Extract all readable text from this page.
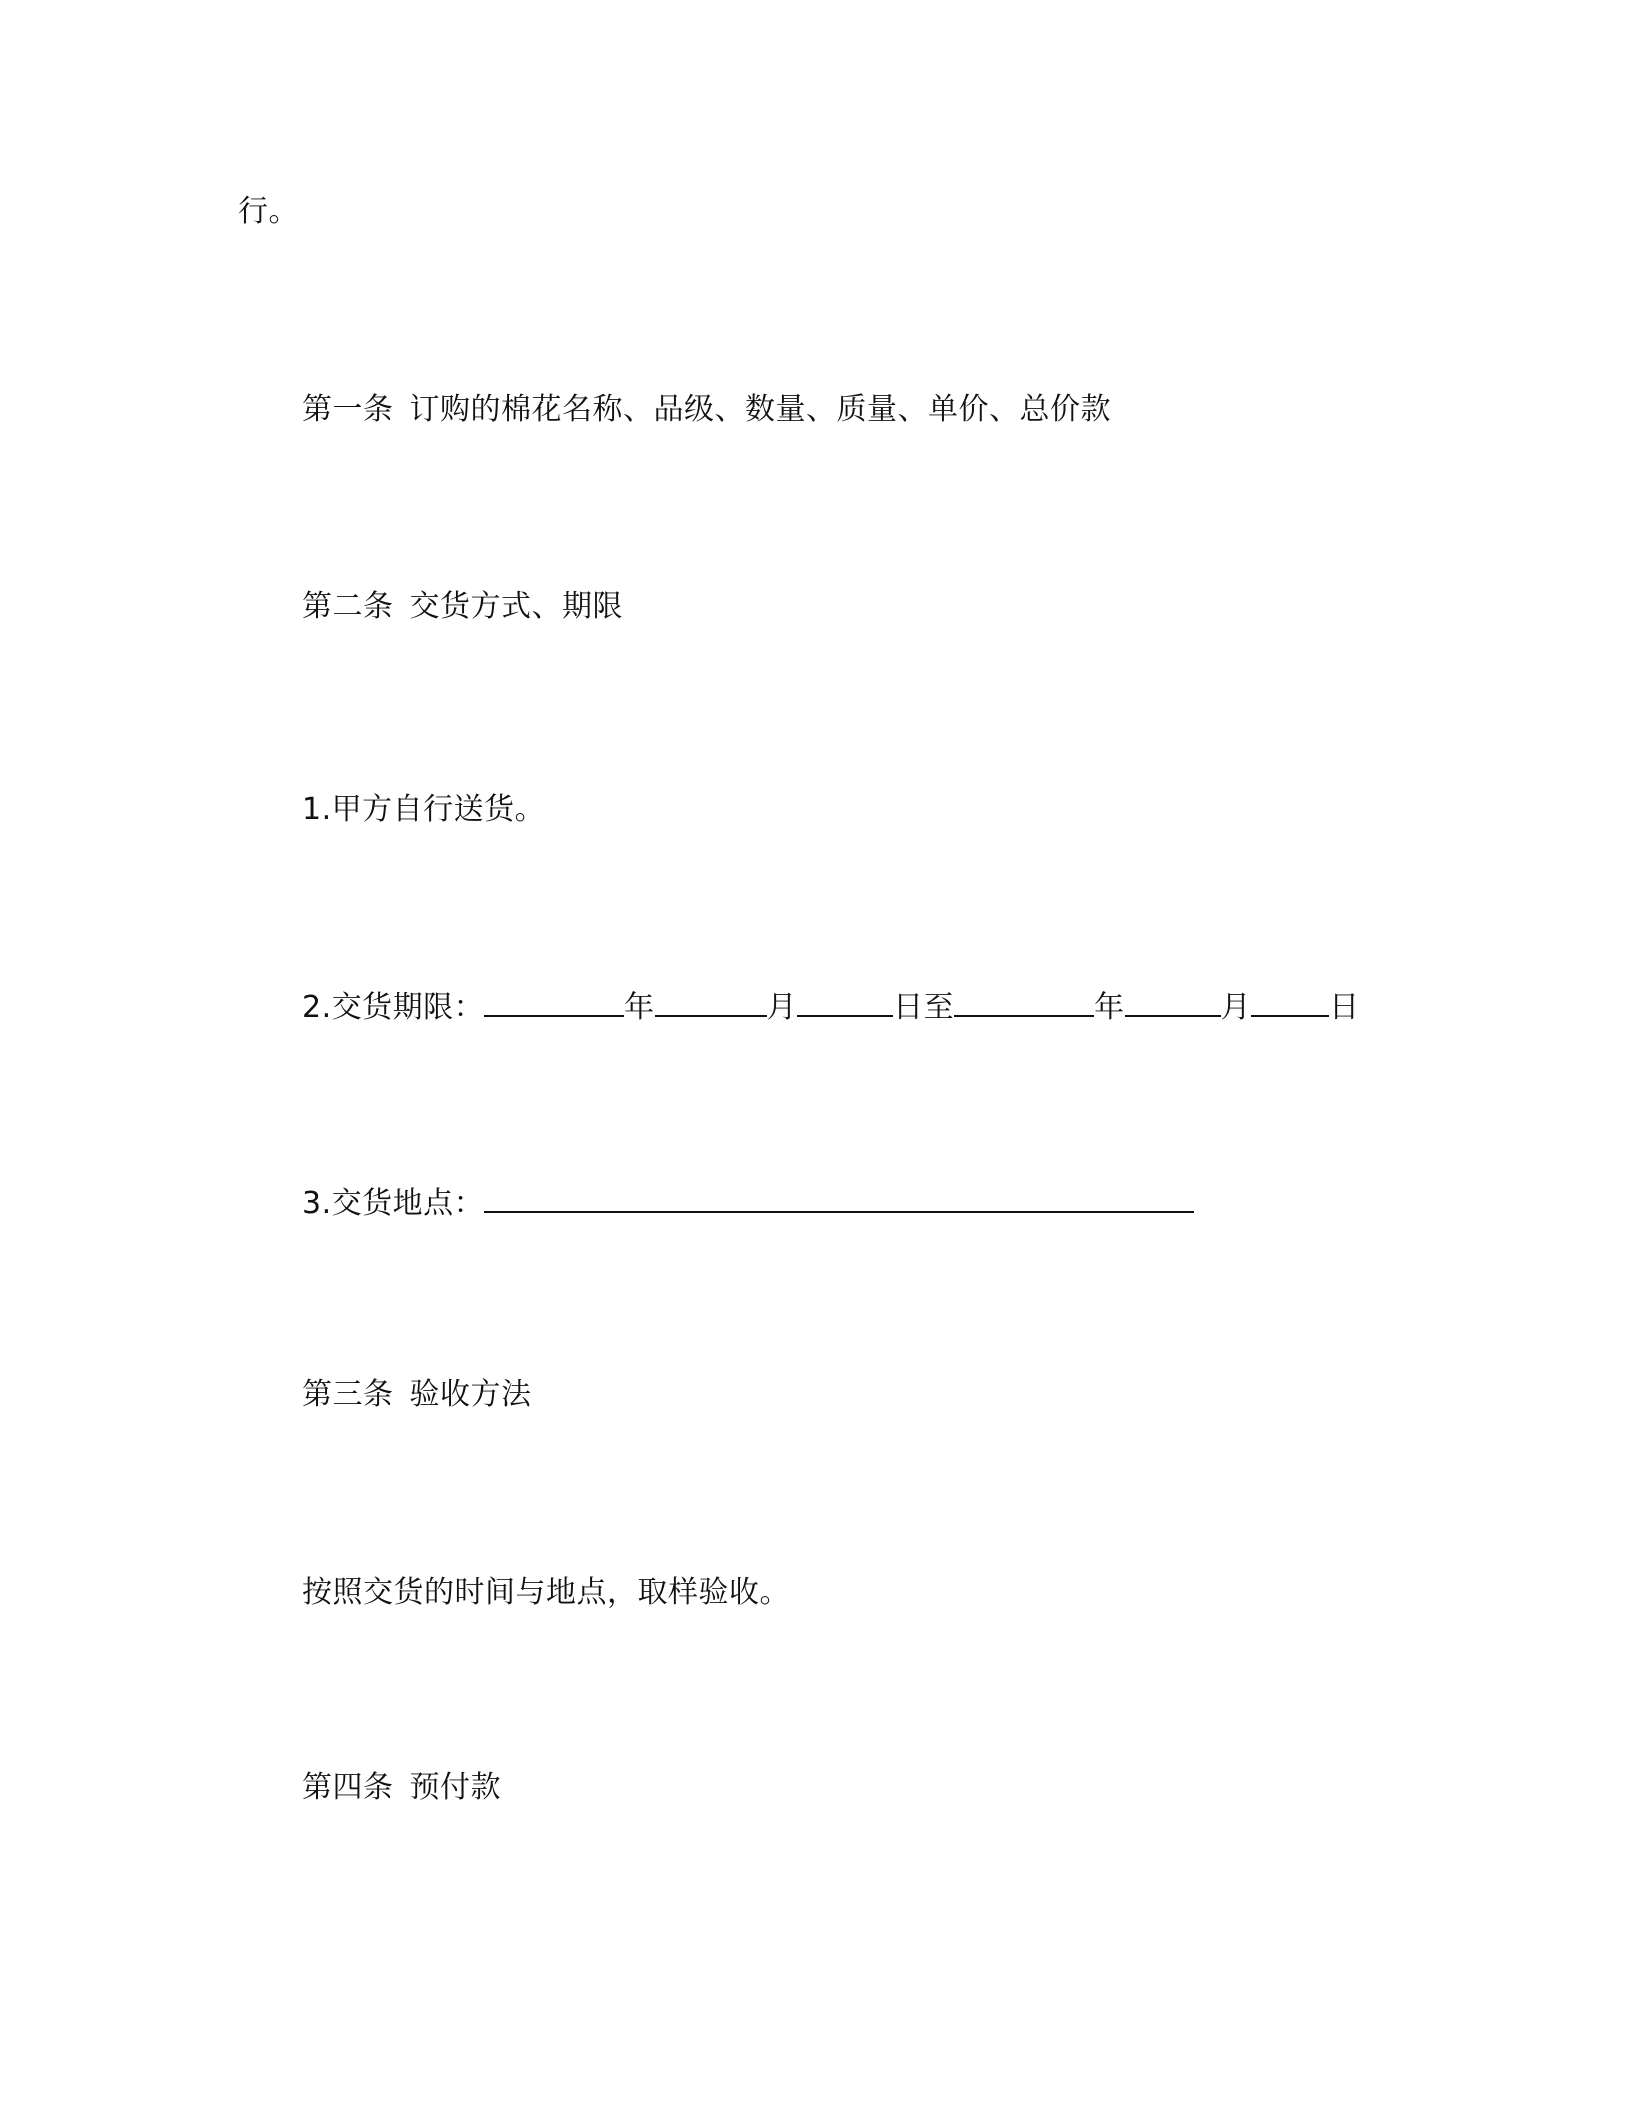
行。
第一条 订购的棉花名称、品级、数量、质量、单价、总价款
第二条 交货方式、期限
1.甲方自行送货。
2.交货期限：	年	月	日至	年	月	日
3.交货地点：
第三条 验收方法
按照交货的时间与地点，取样验收。
第四条 预付款
